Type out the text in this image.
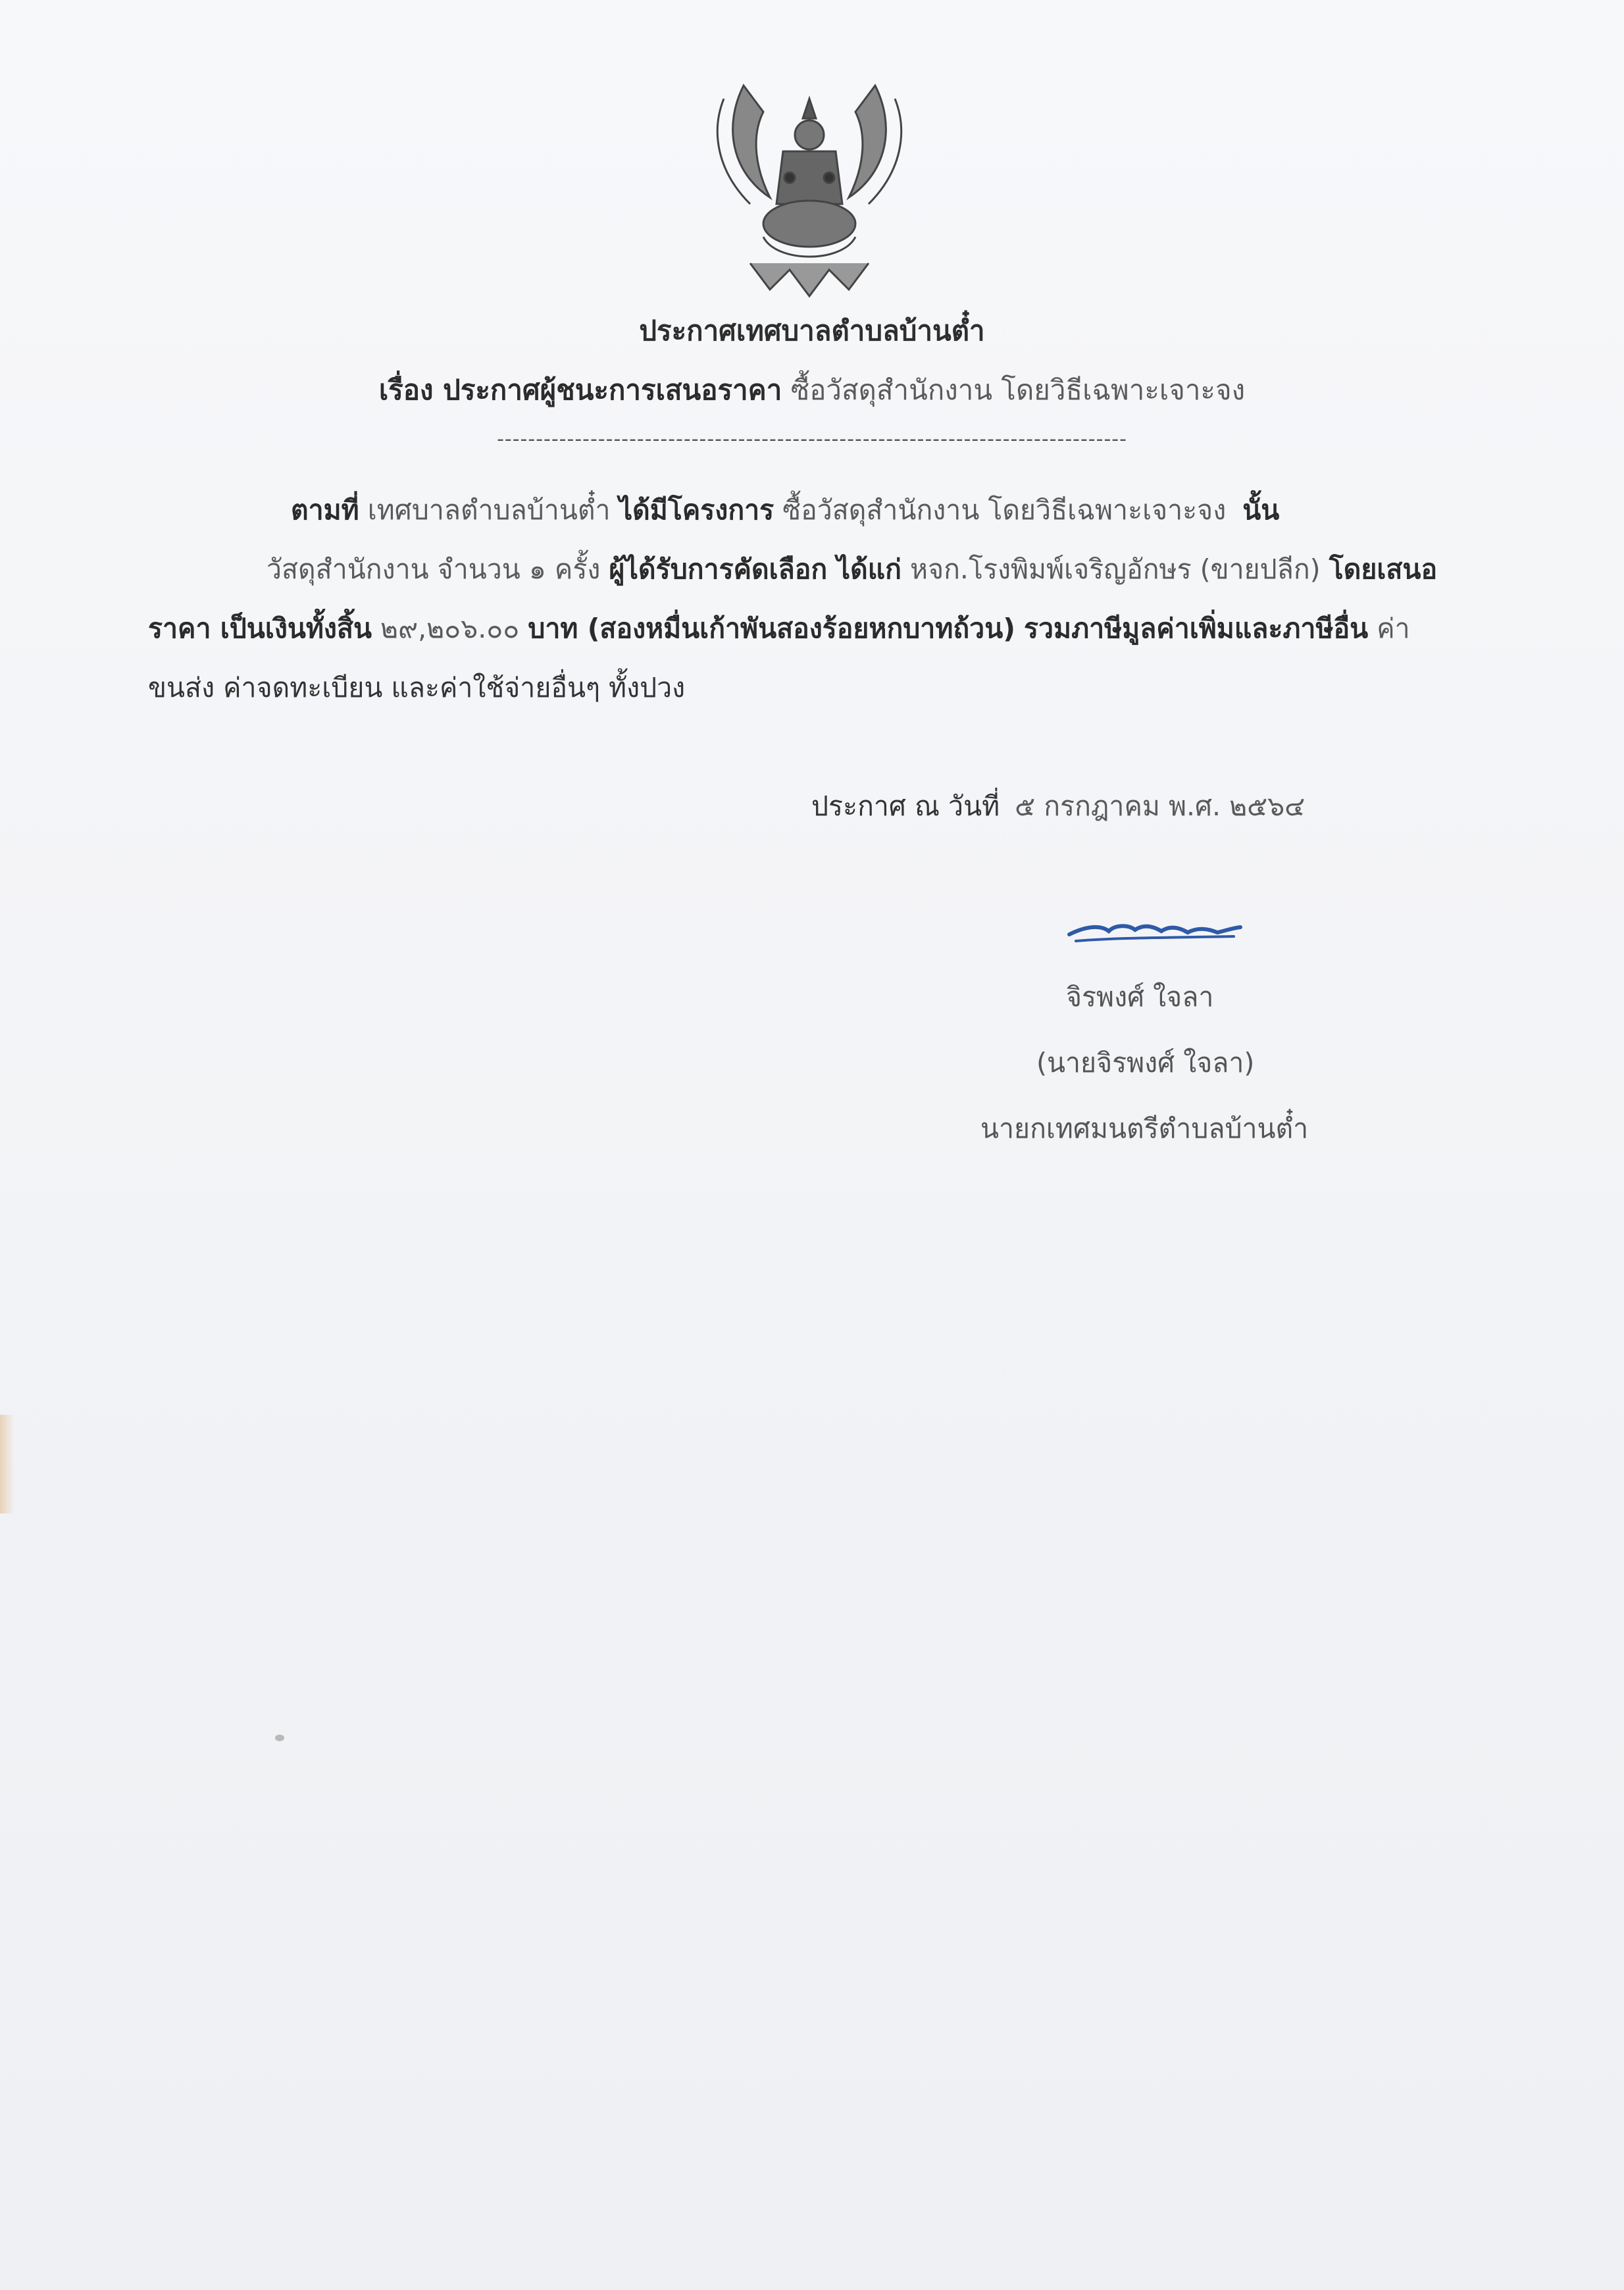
ประกาศเทศบาลตำบลบ้านต๋ำ
เรื่อง ประกาศผู้ชนะการเสนอราคา ซื้อวัสดุสำนักงาน โดยวิธีเฉพาะเจาะจง
---------------------------------------------------------------------------------
ตามที่ เทศบาลตำบลบ้านต๋ำ ได้มีโครงการ ซื้อวัสดุสำนักงาน โดยวิธีเฉพาะเจาะจง นั้น
วัสดุสำนักงาน จำนวน ๑ ครั้ง ผู้ได้รับการคัดเลือก ได้แก่ หจก.โรงพิมพ์เจริญอักษร (ขายปลีก) โดยเสนอ
ราคา เป็นเงินทั้งสิ้น ๒๙,๒๐๖.๐๐ บาท (สองหมื่นเก้าพันสองร้อยหกบาทถ้วน) รวมภาษีมูลค่าเพิ่มและภาษีอื่น ค่า
ขนส่ง ค่าจดทะเบียน และค่าใช้จ่ายอื่นๆ ทั้งปวง
ประกาศ ณ วันที่ ๕ กรกฎาคม พ.ศ. ๒๕๖๔
จิรพงศ์ ใจลา
(นายจิรพงศ์ ใจลา)
นายกเทศมนตรีตำบลบ้านต๋ำ
